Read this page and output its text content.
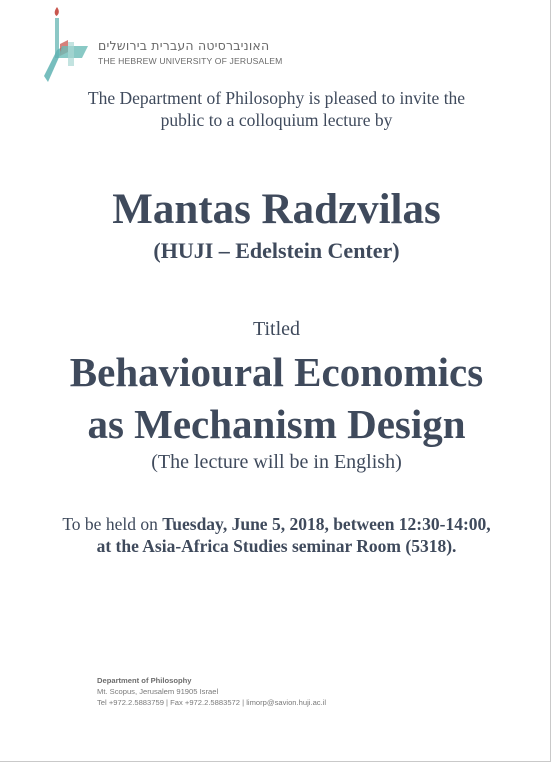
האוניברסיטה העברית בירושלים
THE HEBREW UNIVERSITY OF JERUSALEM
The Department of Philosophy is pleased to invite the
public to a colloquium lecture by
Mantas Radzvilas
(HUJI – Edelstein Center)
Titled
Behavioural Economics
as Mechanism Design
(The lecture will be in English)
To be held on Tuesday, June 5, 2018, between 12:30-14:00,
at the Asia-Africa Studies seminar Room (5318).
Department of Philosophy
Mt. Scopus, Jerusalem 91905 Israel
Tel +972.2.5883759 | Fax +972.2.5883572 | limorp@savion.huji.ac.il
